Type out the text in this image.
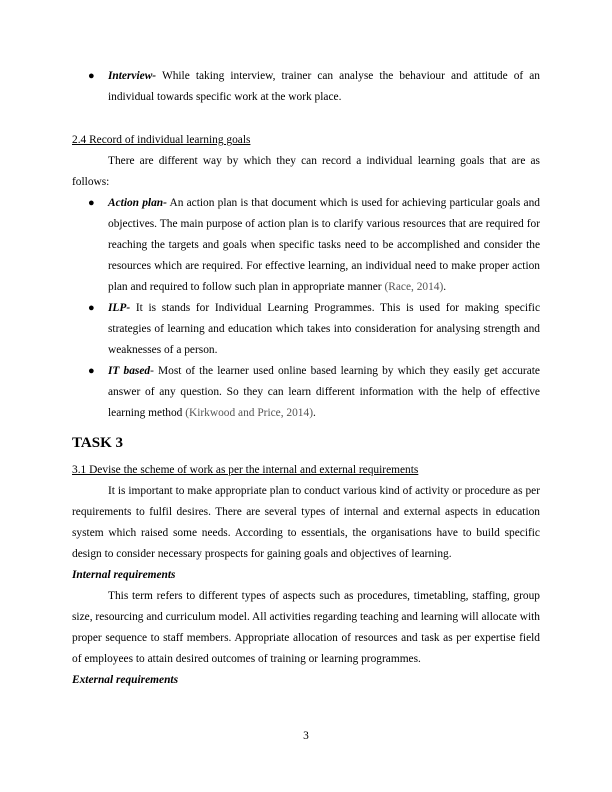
● Interview- While taking interview, trainer can analyse the behaviour and attitude of an individual towards specific work at the work place.

2.4 Record of individual learning goals

There are different way by which they can record a individual learning goals that are as follows:

● Action plan- An action plan is that document which is used for achieving particular goals and objectives. The main purpose of action plan is to clarify various resources that are required for reaching the targets and goals when specific tasks need to be accomplished and consider the resources which are required. For effective learning, an individual need to make proper action plan and required to follow such plan in appropriate manner (Race, 2014).
● ILP- It is stands for Individual Learning Programmes. This is used for making specific strategies of learning and education which takes into consideration for analysing strength and weaknesses of a person.
● IT based- Most of the learner used online based learning by which they easily get accurate answer of any question. So they can learn different information with the help of effective learning method (Kirkwood and Price, 2014).

TASK 3

3.1 Devise the scheme of work as per the internal and external requirements

It is important to make appropriate plan to conduct various kind of activity or procedure as per requirements to fulfil desires. There are several types of internal and external aspects in education system which raised some needs. According to essentials, the organisations have to build specific design to consider necessary prospects for gaining goals and objectives of learning.

Internal requirements

This term refers to different types of aspects such as procedures, timetabling, staffing, group size, resourcing and curriculum model. All activities regarding teaching and learning will allocate with proper sequence to staff members. Appropriate allocation of resources and task as per expertise field of employees to attain desired outcomes of training or learning programmes.

External requirements

3
